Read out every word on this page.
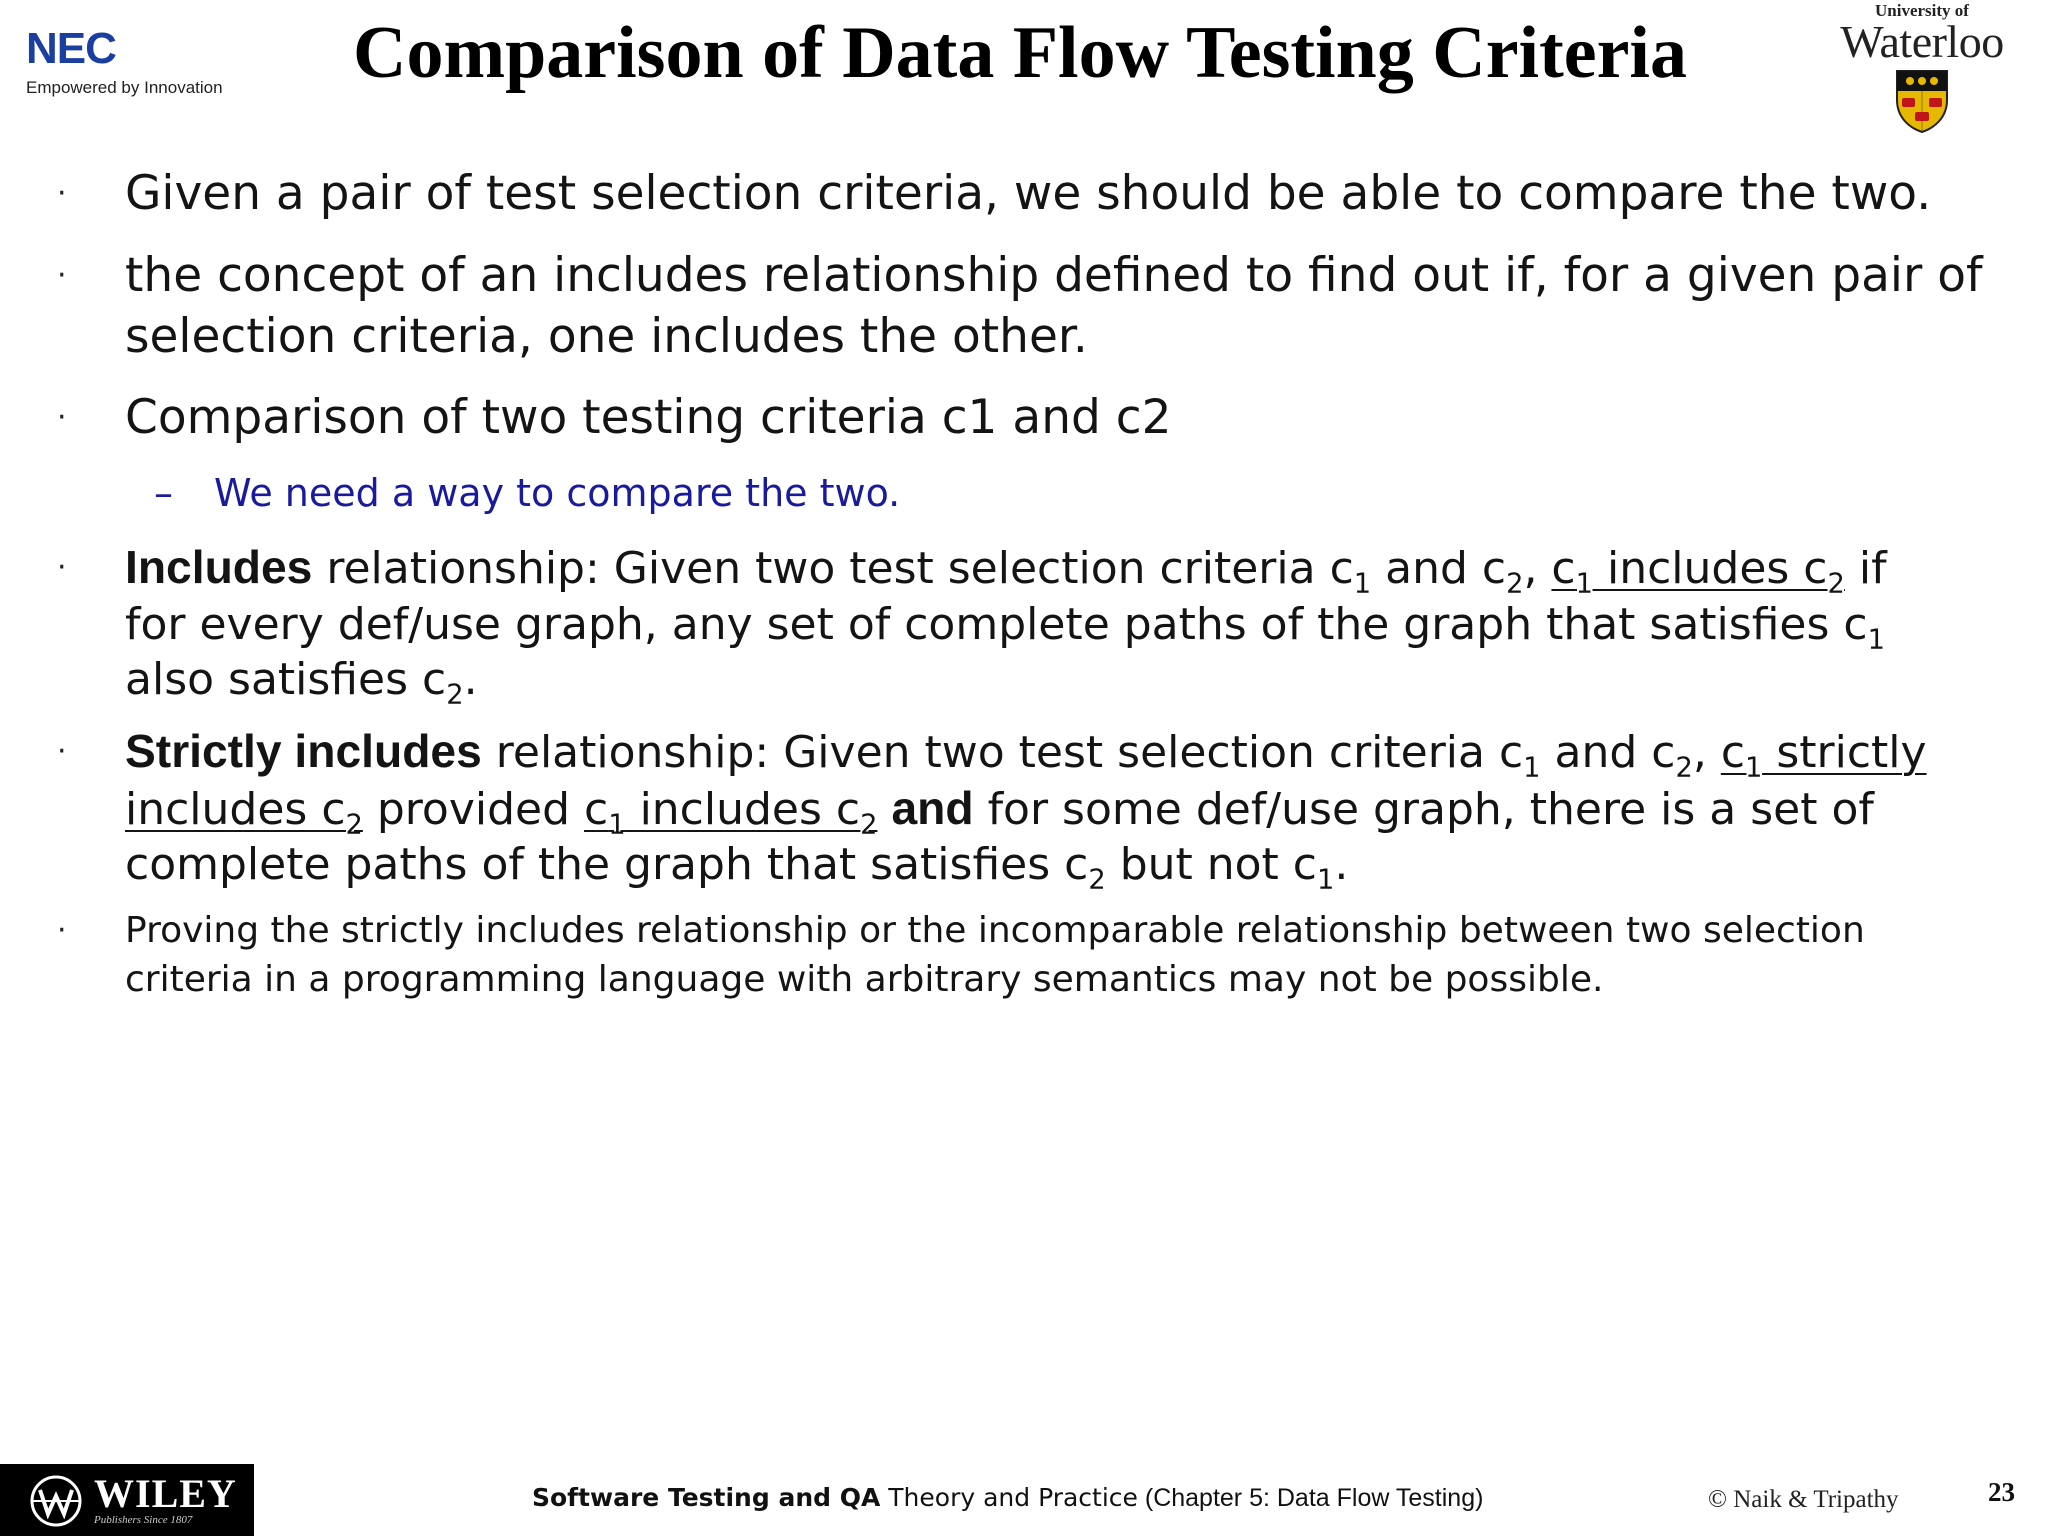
NEC
Empowered by Innovation	Comparison of Data Flow Testing Criteria
University of
Waterloo
· Given a pair of test selection criteria, we should be able to compare the two.
· the concept of an includes relationship defined to find out if, for a given pair of selection criteria, one includes the other.
· Comparison of two testing criteria c1 and c2
– We need a way to compare the two.
· Includes relationship: Given two test selection criteria $c_1$ and $c_2$, $c_1$ includes $c_2$ if for every def/use graph, any set of complete paths of the graph that satisfies $c_1$ also satisfies $c_2$.
· Strictly includes relationship: Given two test selection criteria $c_1$ and $c_2$, $c_1$ strictly includes $c_2$ provided $c_1$ includes $c_2$ and for some def/use graph, there is a set of complete paths of the graph that satisfies $c_2$ but not $c_1$.
· Proving the strictly includes relationship or the incomparable relationship between two selection criteria in a programming language with arbitrary semantics may not be possible.
WILEY
Publishers Since 1807
Software Testing and QA Theory and Practice (Chapter 5: Data Flow Testing)	© Naik & Tripathy	23
